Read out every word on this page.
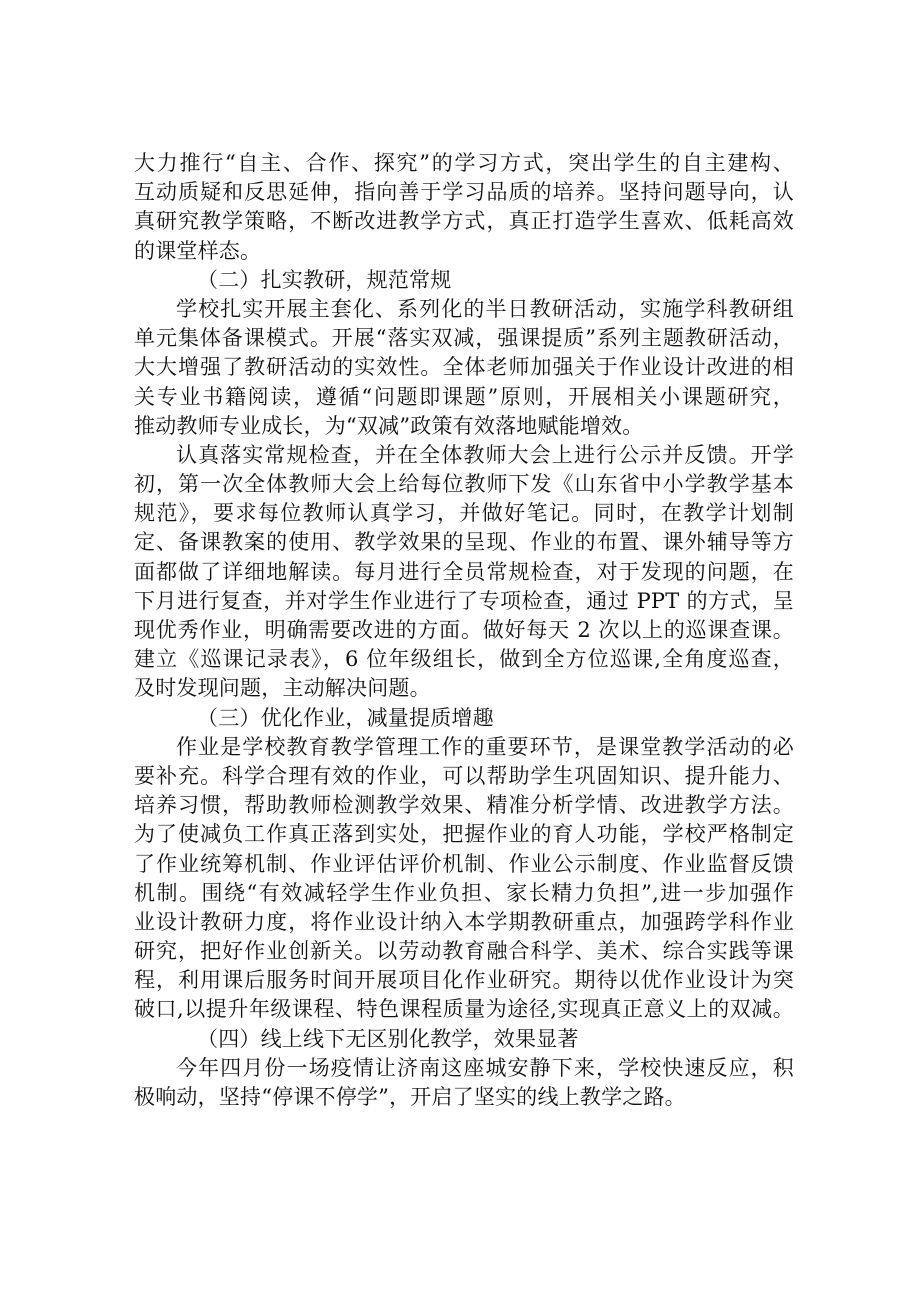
大力推行“自主、合作、探究”的学习方式，突出学生的自主建构、
互动质疑和反思延伸，指向善于学习品质的培养。坚持问题导向，认
真研究教学策略，不断改进教学方式，真正打造学生喜欢、低耗高效
的课堂样态。
（二）扎实教研，规范常规
学校扎实开展主套化、系列化的半日教研活动，实施学科教研组
单元集体备课模式。开展“落实双减，强课提质”系列主题教研活动，
大大增强了教研活动的实效性。全体老师加强关于作业设计改进的相
关专业书籍阅读，遵循“问题即课题”原则，开展相关小课题研究，
推动教师专业成长，为“双减”政策有效落地赋能增效。
认真落实常规检查，并在全体教师大会上进行公示并反馈。开学
初，第一次全体教师大会上给每位教师下发《山东省中小学教学基本
规范》，要求每位教师认真学习，并做好笔记。同时，在教学计划制
定、备课教案的使用、教学效果的呈现、作业的布置、课外辅导等方
面都做了详细地解读。每月进行全员常规检查，对于发现的问题，在
下月进行复查，并对学生作业进行了专项检查，通过 PPT 的方式，呈
现优秀作业，明确需要改进的方面。做好每天 2 次以上的巡课查课。
建立《巡课记录表》，6 位年级组长，做到全方位巡课,全角度巡查，
及时发现问题，主动解决问题。
（三）优化作业，减量提质增趣
作业是学校教育教学管理工作的重要环节，是课堂教学活动的必
要补充。科学合理有效的作业，可以帮助学生巩固知识、提升能力、
培养习惯，帮助教师检测教学效果、精准分析学情、改进教学方法。
为了使减负工作真正落到实处，把握作业的育人功能，学校严格制定
了作业统筹机制、作业评估评价机制、作业公示制度、作业监督反馈
机制。围绕“有效减轻学生作业负担、家长精力负担”,进一步加强作
业设计教研力度，将作业设计纳入本学期教研重点，加强跨学科作业
研究，把好作业创新关。以劳动教育融合科学、美术、综合实践等课
程，利用课后服务时间开展项目化作业研究。期待以优作业设计为突
破口,以提升年级课程、特色课程质量为途径,实现真正意义上的双减。
（四）线上线下无区别化教学，效果显著
今年四月份一场疫情让济南这座城安静下来，学校快速反应，积
极响动，坚持“停课不停学”，开启了坚实的线上教学之路。
